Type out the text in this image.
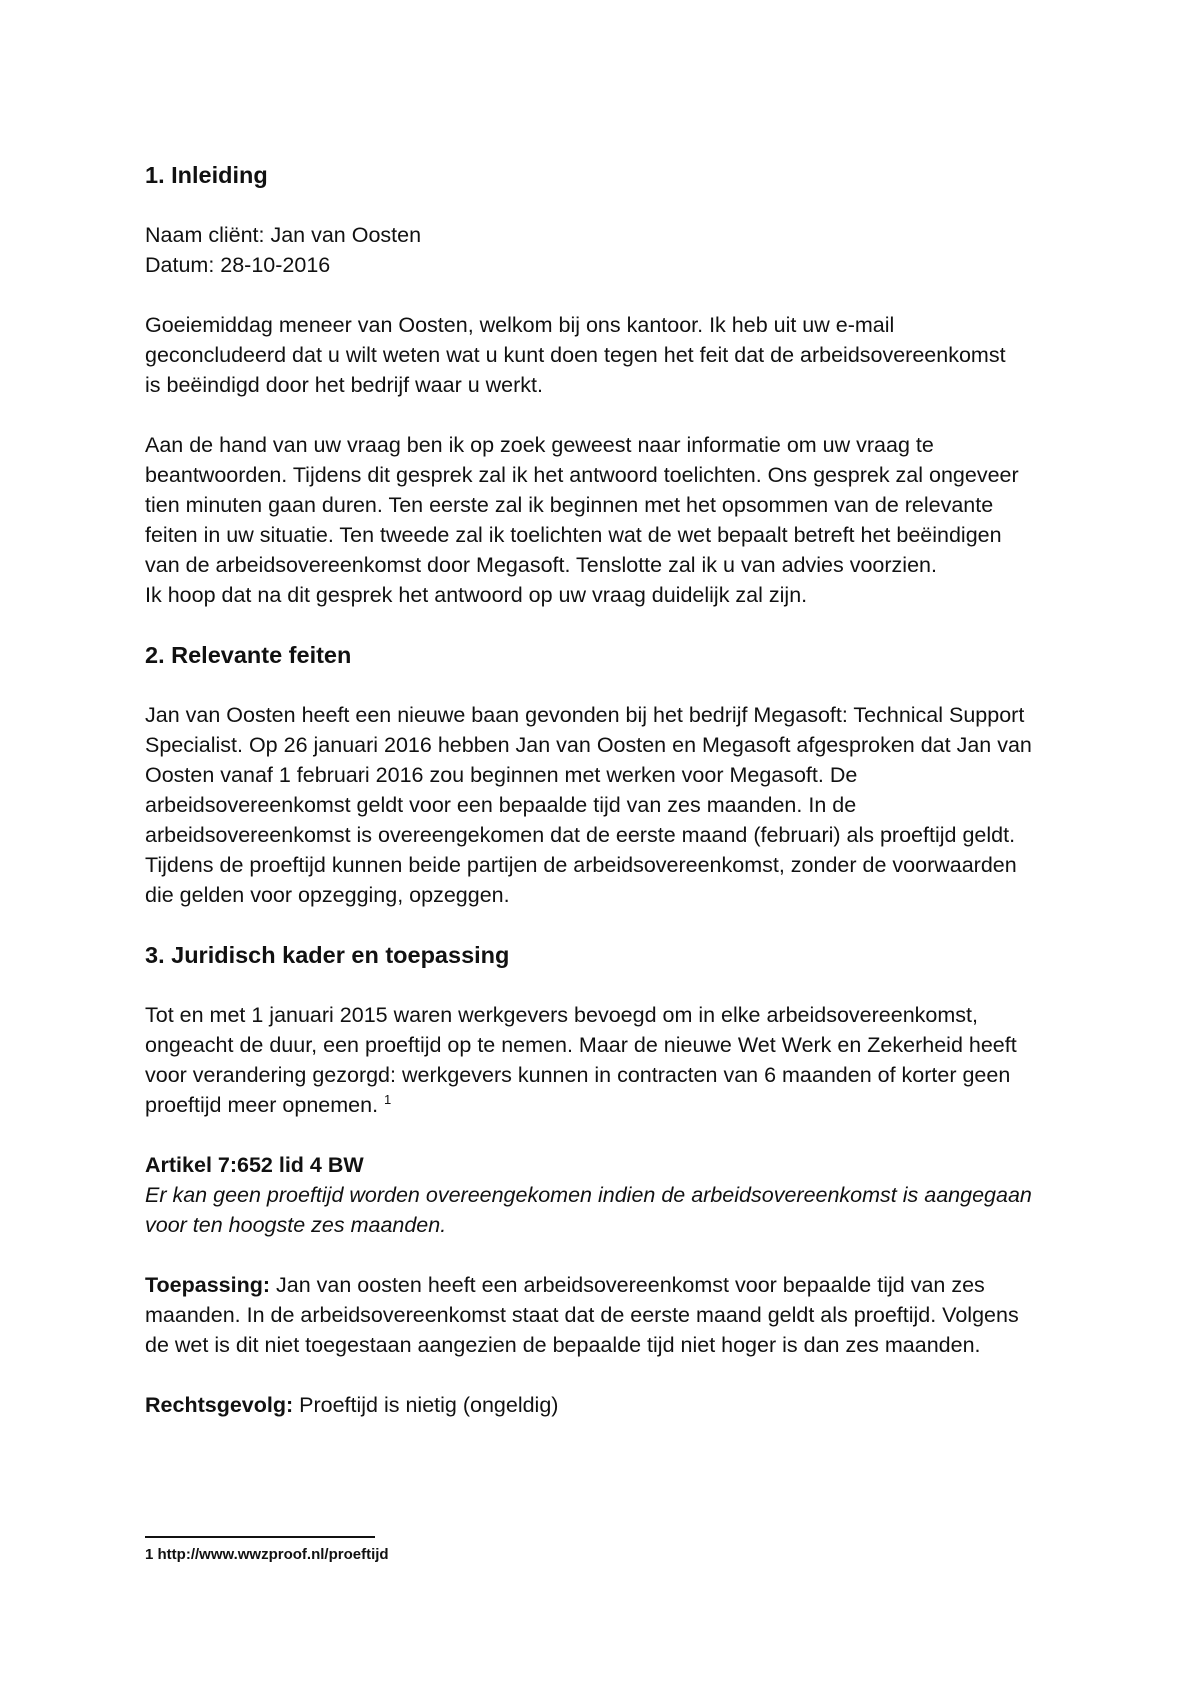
1. Inleiding

Naam cliënt: Jan van Oosten
Datum: 28-10-2016

Goeiemiddag meneer van Oosten, welkom bij ons kantoor. Ik heb uit uw e-mail
geconcludeerd dat u wilt weten wat u kunt doen tegen het feit dat de arbeidsovereenkomst
is beëindigd door het bedrijf waar u werkt.

Aan de hand van uw vraag ben ik op zoek geweest naar informatie om uw vraag te
beantwoorden. Tijdens dit gesprek zal ik het antwoord toelichten. Ons gesprek zal ongeveer
tien minuten gaan duren. Ten eerste zal ik beginnen met het opsommen van de relevante
feiten in uw situatie. Ten tweede zal ik toelichten wat de wet bepaalt betreft het beëindigen
van de arbeidsovereenkomst door Megasoft. Tenslotte zal ik u van advies voorzien.
Ik hoop dat na dit gesprek het antwoord op uw vraag duidelijk zal zijn.

2. Relevante feiten

Jan van Oosten heeft een nieuwe baan gevonden bij het bedrijf Megasoft: Technical Support
Specialist. Op 26 januari 2016 hebben Jan van Oosten en Megasoft afgesproken dat Jan van
Oosten vanaf 1 februari 2016 zou beginnen met werken voor Megasoft. De
arbeidsovereenkomst geldt voor een bepaalde tijd van zes maanden. In de
arbeidsovereenkomst is overeengekomen dat de eerste maand (februari) als proeftijd geldt.
Tijdens de proeftijd kunnen beide partijen de arbeidsovereenkomst, zonder de voorwaarden
die gelden voor opzegging, opzeggen.

3. Juridisch kader en toepassing

Tot en met 1 januari 2015 waren werkgevers bevoegd om in elke arbeidsovereenkomst,
ongeacht de duur, een proeftijd op te nemen. Maar de nieuwe Wet Werk en Zekerheid heeft
voor verandering gezorgd: werkgevers kunnen in contracten van 6 maanden of korter geen
proeftijd meer opnemen. $^1$

Artikel 7:652 lid 4 BW
Er kan geen proeftijd worden overeengekomen indien de arbeidsovereenkomst is aangegaan
voor ten hoogste zes maanden.

Toepassing: Jan van oosten heeft een arbeidsovereenkomst voor bepaalde tijd van zes
maanden. In de arbeidsovereenkomst staat dat de eerste maand geldt als proeftijd. Volgens
de wet is dit niet toegestaan aangezien de bepaalde tijd niet hoger is dan zes maanden.

Rechtsgevolg: Proeftijd is nietig (ongeldig)

1 http://www.wwzproof.nl/proeftijd
